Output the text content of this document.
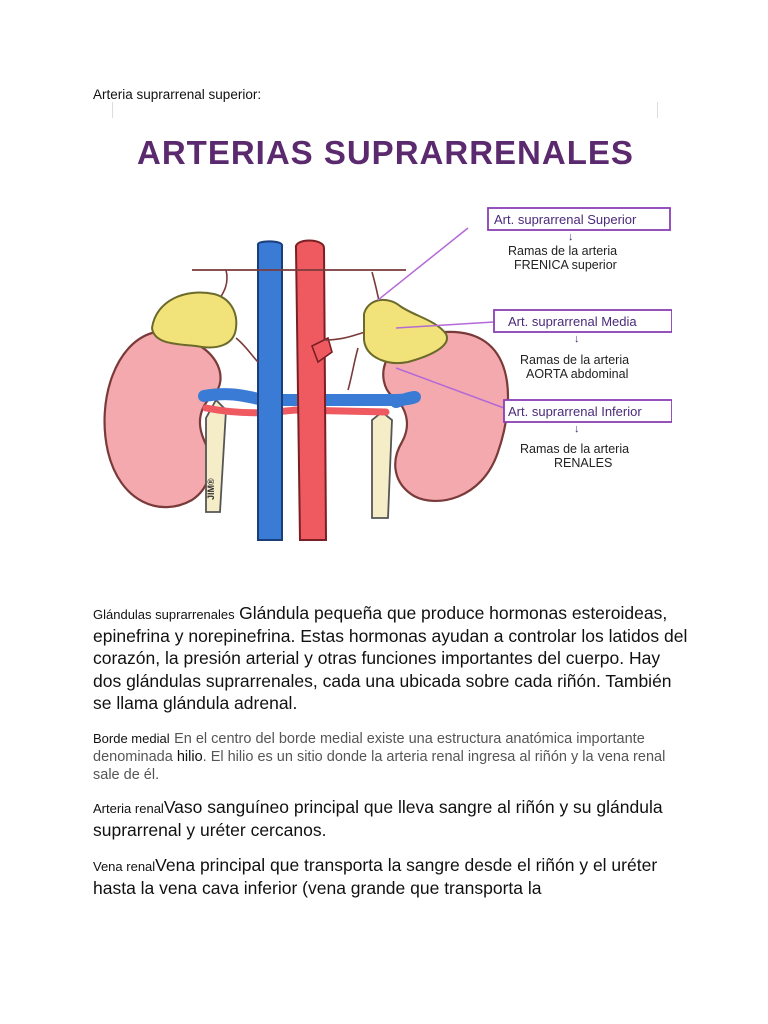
Arteria suprarrenal superior:
ARTERIAS SUPRARRENALES
JIM®
Art. suprarrenal Superior
↓
Ramas de la arteria
FRENICA superior
Art. suprarrenal Media
↓
Ramas de la arteria
AORTA abdominal
Art. suprarrenal Inferior
↓
Ramas de la arteria
RENALES
Glándulas suprarrenales Glándula pequeña que produce hormonas esteroideas, epinefrina y norepinefrina. Estas hormonas ayudan a controlar los latidos del corazón, la presión arterial y otras funciones importantes del cuerpo. Hay dos glándulas suprarrenales, cada una ubicada sobre cada riñón. También se llama glándula adrenal.
Borde medial En el centro del borde medial existe una estructura anatómica importante denominada hilio. El hilio es un sitio donde la arteria renal ingresa al riñón y la vena renal sale de él.
Arteria renalVaso sanguíneo principal que lleva sangre al riñón y su glándula suprarrenal y uréter cercanos.
Vena renalVena principal que transporta la sangre desde el riñón y el uréter hasta la vena cava inferior (vena grande que transporta la
